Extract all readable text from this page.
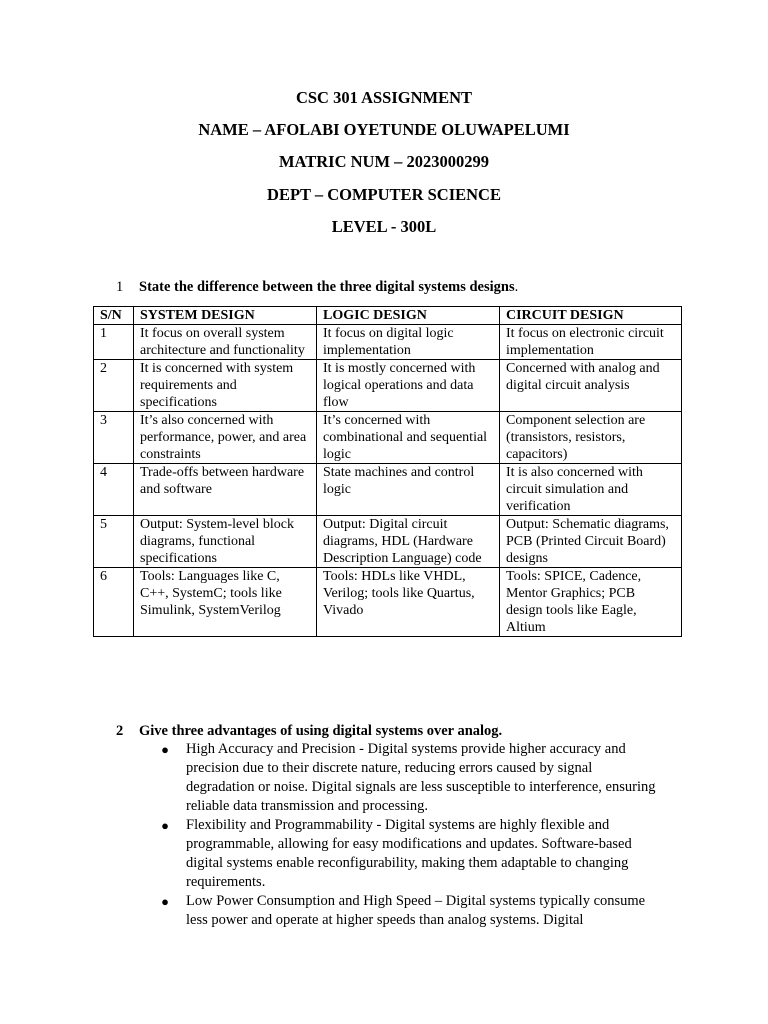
CSC 301 ASSIGNMENT
NAME – AFOLABI OYETUNDE OLUWAPELUMI
MATRIC NUM – 2023000299
DEPT – COMPUTER SCIENCE
LEVEL - 300L
1 State the difference between the three digital systems designs.
S/N	SYSTEM DESIGN	LOGIC DESIGN	CIRCUIT DESIGN
1	It focus on overall system architecture and functionality	It focus on digital logic implementation	It focus on electronic circuit implementation
2	It is concerned with system requirements and specifications	It is mostly concerned with logical operations and data flow	Concerned with analog and digital circuit analysis
3	It’s also concerned with performance, power, and area constraints	It’s concerned with combinational and sequential logic	Component selection are (transistors, resistors, capacitors)
4	Trade-offs between hardware and software	State machines and control logic	It is also concerned with circuit simulation and verification
5	Output: System-level block diagrams, functional specifications	Output: Digital circuit diagrams, HDL (Hardware Description Language) code	Output: Schematic diagrams, PCB (Printed Circuit Board) designs
6	Tools: Languages like C, C++, SystemC; tools like Simulink, SystemVerilog	Tools: HDLs like VHDL, Verilog; tools like Quartus, Vivado	Tools: SPICE, Cadence, Mentor Graphics; PCB design tools like Eagle, Altium
2 Give three advantages of using digital systems over analog.
● High Accuracy and Precision - Digital systems provide higher accuracy and precision due to their discrete nature, reducing errors caused by signal degradation or noise. Digital signals are less susceptible to interference, ensuring reliable data transmission and processing.
● Flexibility and Programmability - Digital systems are highly flexible and programmable, allowing for easy modifications and updates. Software-based digital systems enable reconfigurability, making them adaptable to changing requirements.
● Low Power Consumption and High Speed – Digital systems typically consume less power and operate at higher speeds than analog systems. Digital
